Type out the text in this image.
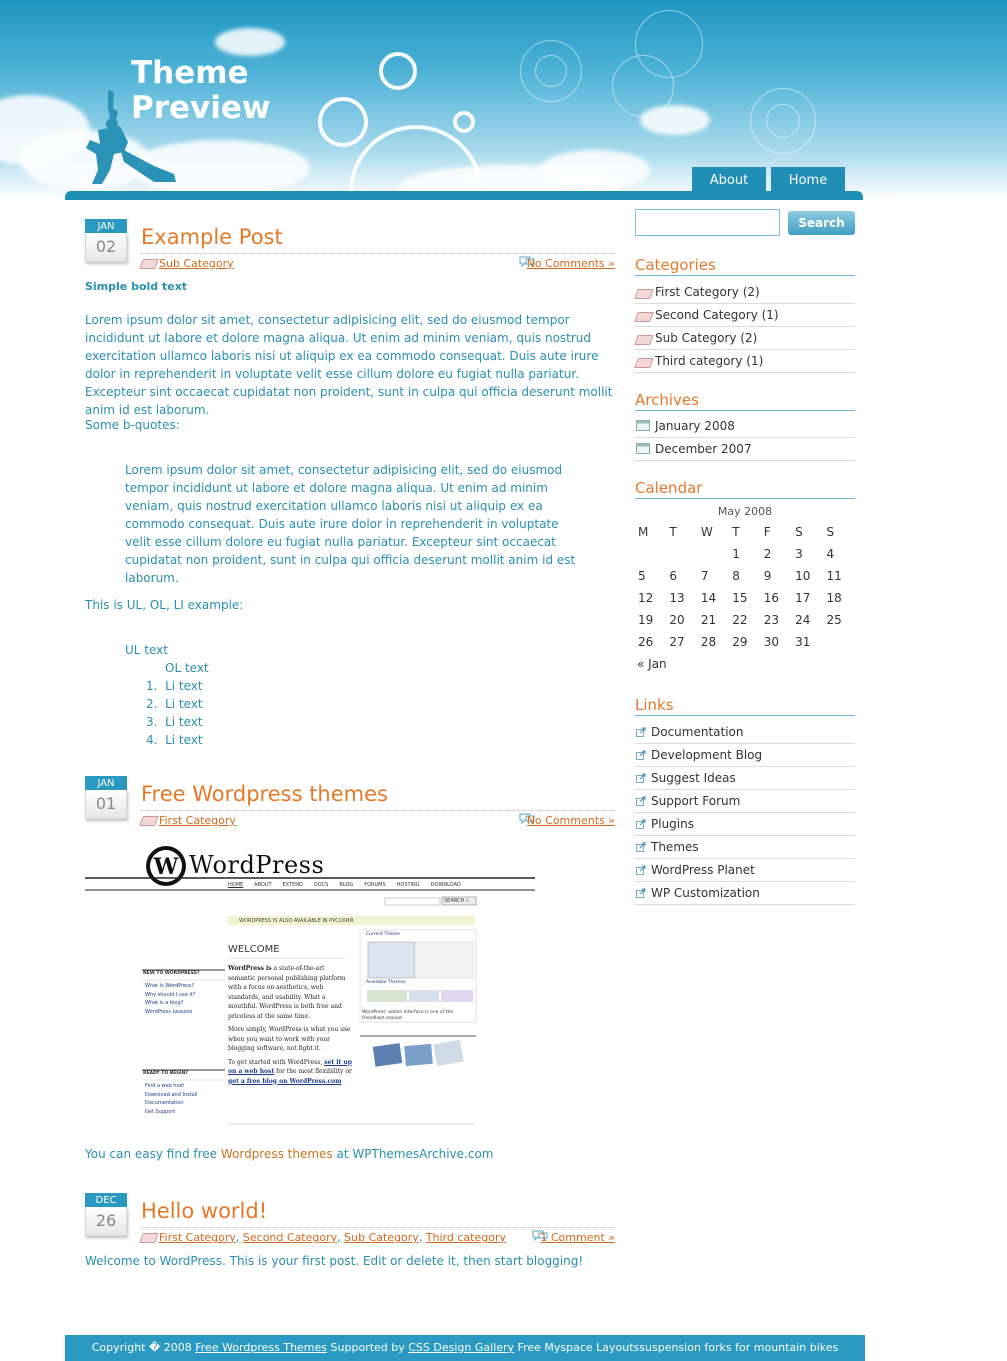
Theme
Preview
About	Home
JAN
02	Example Post
Sub Category	No Comments »

Simple bold text

Lorem ipsum dolor sit amet, consectetur adipisicing elit, sed do eiusmod tempor incididunt ut labore et dolore magna aliqua. Ut enim ad minim veniam, quis nostrud exercitation ullamco laboris nisi ut aliquip ex ea commodo consequat. Duis aute irure dolor in reprehenderit in voluptate velit esse cillum dolore eu fugiat nulla pariatur. Excepteur sint occaecat cupidatat non proident, sunt in culpa qui officia deserunt mollit anim id est laborum.

Some b-quotes:

Lorem ipsum dolor sit amet, consectetur adipisicing elit, sed do eiusmod tempor incididunt ut labore et dolore magna aliqua. Ut enim ad minim veniam, quis nostrud exercitation ullamco laboris nisi ut aliquip ex ea commodo consequat. Duis aute irure dolor in reprehenderit in voluptate velit esse cillum dolore eu fugiat nulla pariatur. Excepteur sint occaecat cupidatat non proident, sunt in culpa qui officia deserunt mollit anim id est laborum.

This is UL, OL, LI example:

UL text

OL text

1.  Li text

2.  Li text

3.  Li text

4.  Li text

JAN
01	Free Wordpress themes
First Category	No Comments »
W WordPress
HOME ABOUT EXTEND DOCS BLOG FORUMS HOSTING DOWNLOAD
SEARCH »
WORDPRESS IS ALSO AVAILABLE IN РУССКИЙ.
WELCOME
WordPress is a state-of-the-art semantic personal publishing platform with a focus on aesthetics, web standards, and usability. What a mouthful. WordPress is both free and priceless at the same time.
More simply, WordPress is what you use when you want to work with your blogging software, not fight it.
To get started with WordPress, set it up on a web host for the most flexibility or get a free blog on WordPress.com
NEW TO WORDPRESS?
What is WordPress?
Why should I use it?
What is a blog?
WordPress Lessons
READY TO BEGIN?
Find a web host
Download and Install
Documentation
Get Support
Current Theme
Available Themes
WordPress' admin interface is one of the friendliest around.

You can easy find free Wordpress themes at WPThemesArchive.com

DEC
26	Hello world!
First Category, Second Category, Sub Category, Third category	1 Comment »

Welcome to WordPress. This is your first post. Edit or delete it, then start blogging!

Search
Categories
First Category (2)
Second Category (1)
Sub Category (2)
Third category (1)
Archives
January 2008
December 2007
Calendar
May 2008
M	T	W	T	F	S	S
			1	2	3	4
5	6	7	8	9	10	11
12	13	14	15	16	17	18
19	20	21	22	23	24	25
26	27	28	29	30	31	
« Jan						
Links
Documentation
Development Blog
Suggest Ideas
Support Forum
Plugins
Themes
WordPress Planet
WP Customization
Copyright � 2008 Free Wordpress Themes Supported by CSS Design Gallery Free Myspace Layoutssuspension forks for mountain bikes
